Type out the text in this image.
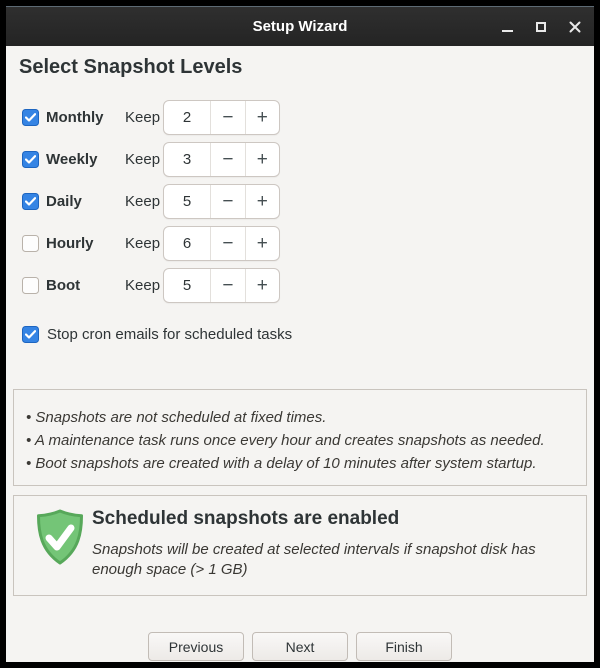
Setup Wizard
Select Snapshot Levels
Monthly Keep	2	− +
Weekly Keep	3	− +
Daily	Keep	5	− +
Hourly Keep	6	− +
Boot	Keep	5	− +
Stop cron emails for scheduled tasks
• Snapshots are not scheduled at fixed times.
• A maintenance task runs once every hour and creates snapshots as needed.
• Boot snapshots are created with a delay of 10 minutes after system startup.
Scheduled snapshots are enabled
Snapshots will be created at selected intervals if snapshot disk has enough space (> 1 GB)
Previous	Next	Finish
